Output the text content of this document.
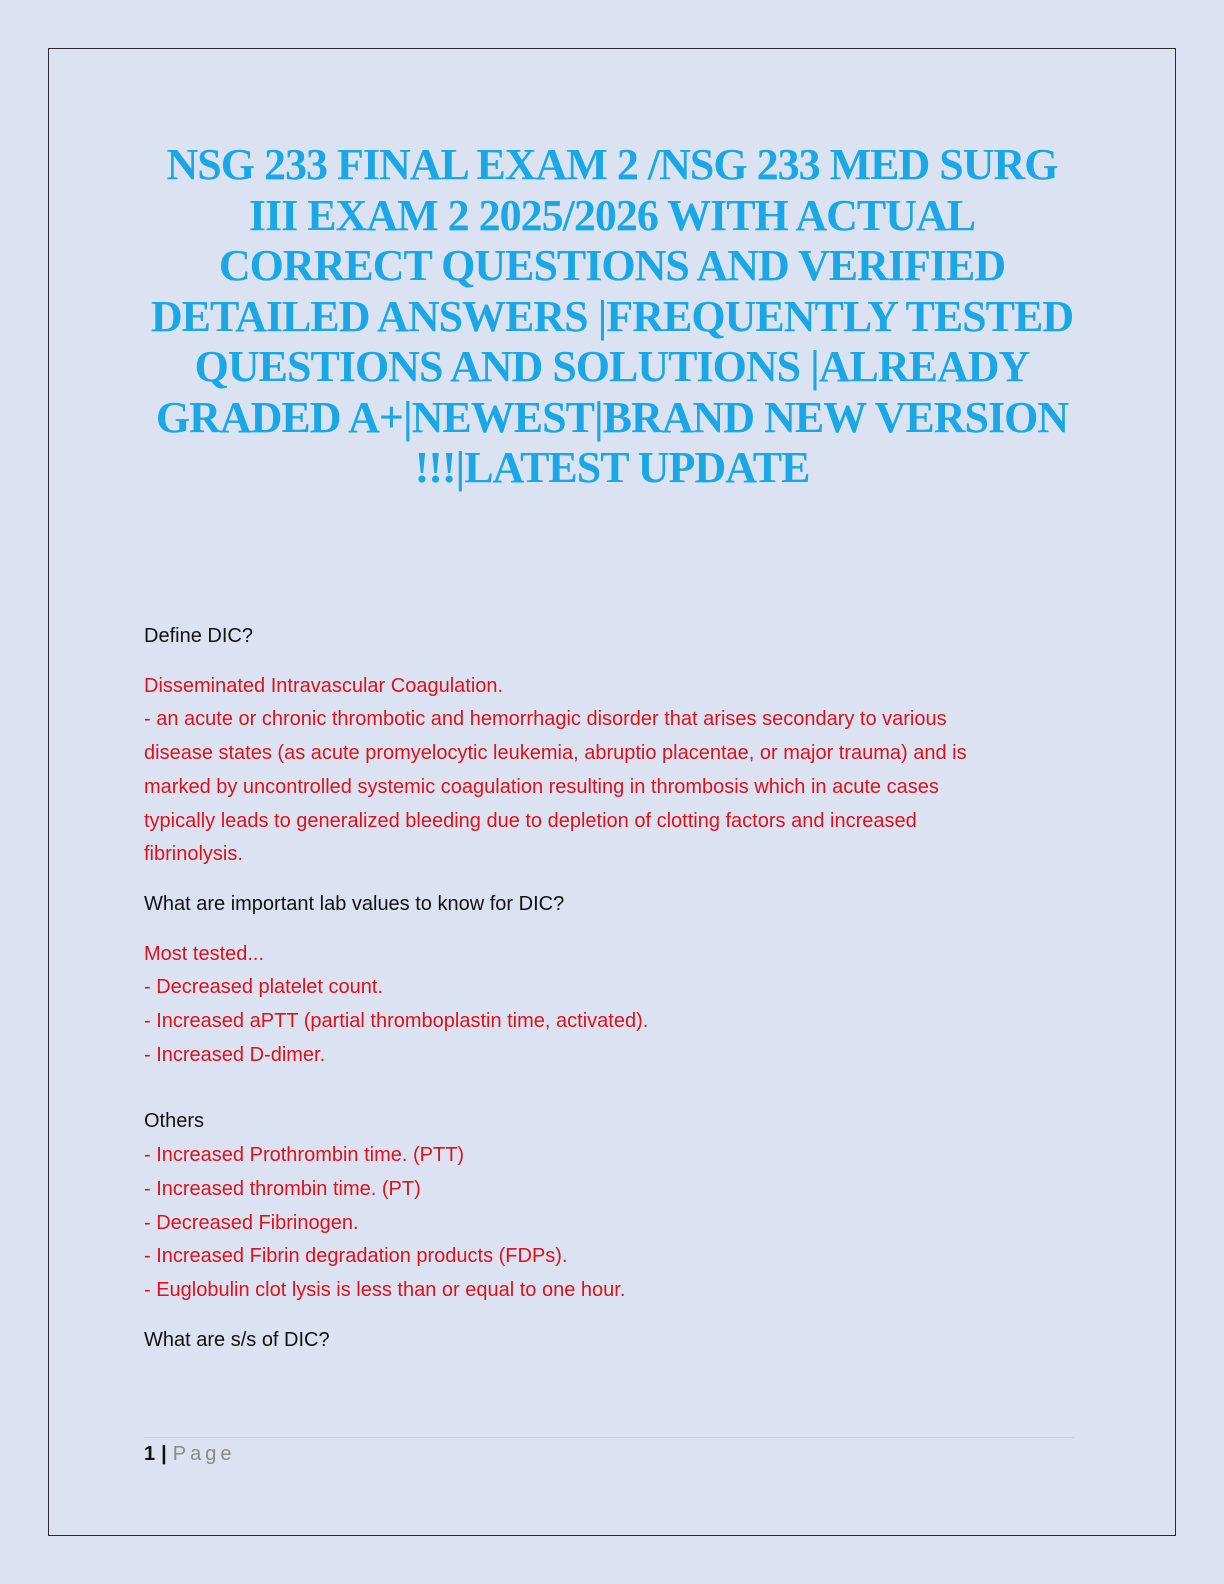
NSG 233 FINAL EXAM 2 /NSG 233 MED SURG
III EXAM 2 2025/2026 WITH ACTUAL
CORRECT QUESTIONS AND VERIFIED
DETAILED ANSWERS |FREQUENTLY TESTED
QUESTIONS AND SOLUTIONS |ALREADY
GRADED A+|NEWEST|BRAND NEW VERSION
!!!|LATEST UPDATE

Define DIC?

Disseminated Intravascular Coagulation.
- an acute or chronic thrombotic and hemorrhagic disorder that arises secondary to various
disease states (as acute promyelocytic leukemia, abruptio placentae, or major trauma) and is
marked by uncontrolled systemic coagulation resulting in thrombosis which in acute cases
typically leads to generalized bleeding due to depletion of clotting factors and increased
fibrinolysis.

What are important lab values to know for DIC?

Most tested...
- Decreased platelet count.
- Increased aPTT (partial thromboplastin time, activated).
- Increased D-dimer.
Others
- Increased Prothrombin time. (PTT)
- Increased thrombin time. (PT)
- Decreased Fibrinogen.
- Increased Fibrin degradation products (FDPs).
- Euglobulin clot lysis is less than or equal to one hour.

What are s/s of DIC?

1 | Page
